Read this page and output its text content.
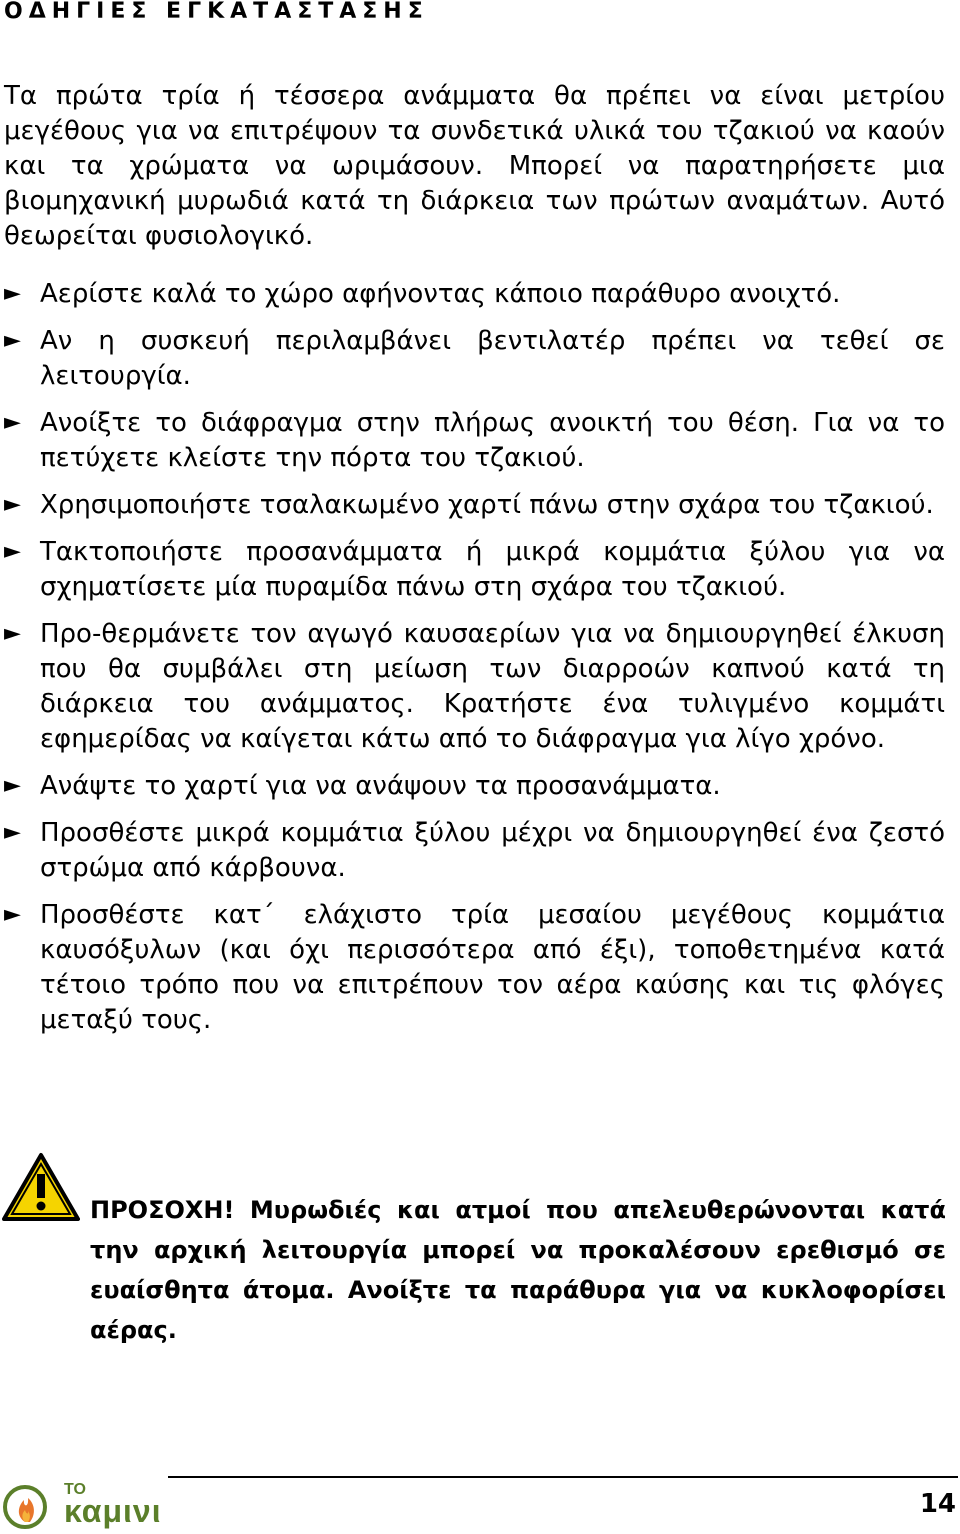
ΟΔΗΓΙΕΣ ΕΓΚΑΤΑΣΤΑΣΗΣ

Τα πρώτα τρία ή τέσσερα ανάμματα θα πρέπει να είναι μετρίου μεγέθους για να επιτρέψουν τα συνδετικά υλικά του τζακιού να καούν και τα χρώματα να ωριμάσουν. Μπορεί να παρατηρήσετε μια βιομηχανική μυρωδιά κατά τη διάρκεια των πρώτων αναμάτων. Αυτό θεωρείται φυσιολογικό.

► Αερίστε καλά το χώρο αφήνοντας κάποιο παράθυρο ανοιχτό.

► Αν η συσκευή περιλαμβάνει βεντιλατέρ πρέπει να τεθεί σε λειτουργία.

► Ανοίξτε το διάφραγμα στην πλήρως ανοικτή του θέση. Για να το πετύχετε κλείστε την πόρτα του τζακιού.

► Χρησιμοποιήστε τσαλακωμένο χαρτί πάνω στην σχάρα του τζακιού.

► Τακτοποιήστε προσανάμματα ή μικρά κομμάτια ξύλου για να σχηματίσετε μία πυραμίδα πάνω στη σχάρα του τζακιού.

► Προ-θερμάνετε τον αγωγό καυσαερίων για να δημιουργηθεί έλκυση που θα συμβάλει στη μείωση των διαρροών καπνού κατά τη διάρκεια του ανάμματος. Κρατήστε ένα τυλιγμένο κομμάτι εφημερίδας να καίγεται κάτω από το διάφραγμα για λίγο χρόνο.

► Ανάψτε το χαρτί για να ανάψουν τα προσανάμματα.

► Προσθέστε μικρά κομμάτια ξύλου μέχρι να δημιουργηθεί ένα ζεστό στρώμα από κάρβουνα.

► Προσθέστε κατ΄ ελάχιστο τρία μεσαίου μεγέθους κομμάτια καυσόξυλων (και όχι περισσότερα από έξι), τοποθετημένα κατά τέτοιο τρόπο που να επιτρέπουν τον αέρα καύσης και τις φλόγες μεταξύ τους.

ΠΡΟΣΟΧΗ! Μυρωδιές και ατμοί που απελευθερώνονται κατά την αρχική λειτουργία μπορεί να προκαλέσουν ερεθισμό σε ευαίσθητα άτομα. Ανοίξτε τα παράθυρα για να κυκλοφορίσει αέρας.
ΤΟ
καμινι	14
